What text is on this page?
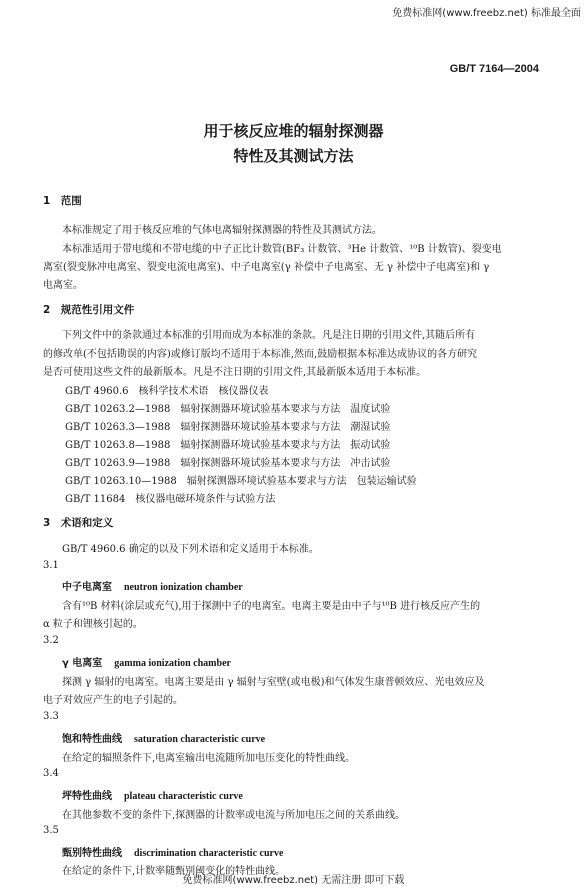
免费标准网(www.freebz.net) 标准最全面
GB/T 7164—2004
用于核反应堆的辐射探测器
特性及其测试方法
1　范围
本标准规定了用于核反应堆的气体电离辐射探测器的特性及其测试方法。
本标准适用于带电缆和不带电缆的中子正比计数管(BF₃ 计数管、³He 计数管、¹⁰B 计数管)、裂变电
离室(裂变脉冲电离室、裂变电流电离室)、中子电离室(γ 补偿中子电离室、无 γ 补偿中子电离室)和 γ
电离室。
2　规范性引用文件
下列文件中的条款通过本标准的引用而成为本标准的条款。凡是注日期的引用文件,其随后所有
的修改单(不包括勘误的内容)或修订版均不适用于本标准,然而,鼓励根据本标准达成协议的各方研究
是否可使用这些文件的最新版本。凡是不注日期的引用文件,其最新版本适用于本标准。
GB/T 4960.6　核科学技术术语　核仪器仪表
GB/T 10263.2—1988　辐射探测器环境试验基本要求与方法　温度试验
GB/T 10263.3—1988　辐射探测器环境试验基本要求与方法　潮湿试验
GB/T 10263.8—1988　辐射探测器环境试验基本要求与方法　振动试验
GB/T 10263.9—1988　辐射探测器环境试验基本要求与方法　冲击试验
GB/T 10263.10—1988　辐射探测器环境试验基本要求与方法　包装运输试验
GB/T 11684　核仪器电磁环境条件与试验方法
3　术语和定义
GB/T 4960.6 确定的以及下列术语和定义适用于本标准。
3.1
中子电离室 neutron ionization chamber
含有¹⁰B 材料(涂层或充气),用于探测中子的电离室。电离主要是由中子与¹⁰B 进行核反应产生的
α 粒子和锂核引起的。
3.2
γ 电离室 gamma ionization chamber
探测 γ 辐射的电离室。电离主要是由 γ 辐射与室壁(或电极)和气体发生康普顿效应、光电效应及
电子对效应产生的电子引起的。
3.3
饱和特性曲线 saturation characteristic curve
在给定的辐照条件下,电离室输出电流随所加电压变化的特性曲线。
3.4
坪特性曲线 plateau characteristic curve
在其他参数不变的条件下,探测器的计数率或电流与所加电压之间的关系曲线。
3.5
甄别特性曲线 discrimination characteristic curve
在给定的条件下,计数率随甄别阈变化的特性曲线。
免费标准网(www.freebz.net) 无需注册 即可下载
